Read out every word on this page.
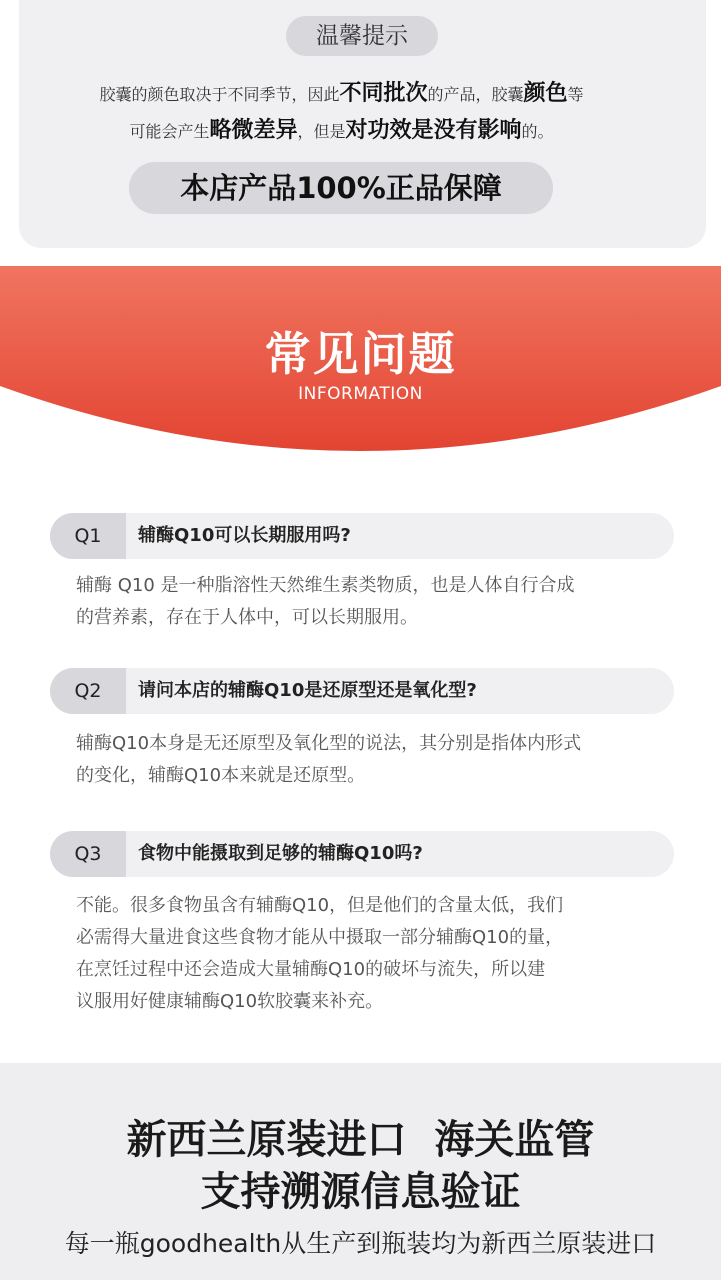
温馨提示
胶囊的颜色取决于不同季节，因此不同批次的产品，胶囊颜色等
可能会产生略微差异，但是对功效是没有影响的。
本店产品100%正品保障
常见问题
INFORMATION
Q1	辅酶Q10可以长期服用吗?
辅酶 Q10 是一种脂溶性天然维生素类物质，也是人体自行合成
的营养素，存在于人体中，可以长期服用。
Q2	请问本店的辅酶Q10是还原型还是氧化型?
辅酶Q10本身是无还原型及氧化型的说法，其分别是指体内形式
的变化，辅酶Q10本来就是还原型。
Q3	食物中能摄取到足够的辅酶Q10吗?
不能。很多食物虽含有辅酶Q10，但是他们的含量太低，我们
必需得大量进食这些食物才能从中摄取一部分辅酶Q10的量，
在烹饪过程中还会造成大量辅酶Q10的破坏与流失，所以建
议服用好健康辅酶Q10软胶囊来补充。
新西兰原装进口  海关监管
支持溯源信息验证
每一瓶goodhealth从生产到瓶装均为新西兰原装进口
